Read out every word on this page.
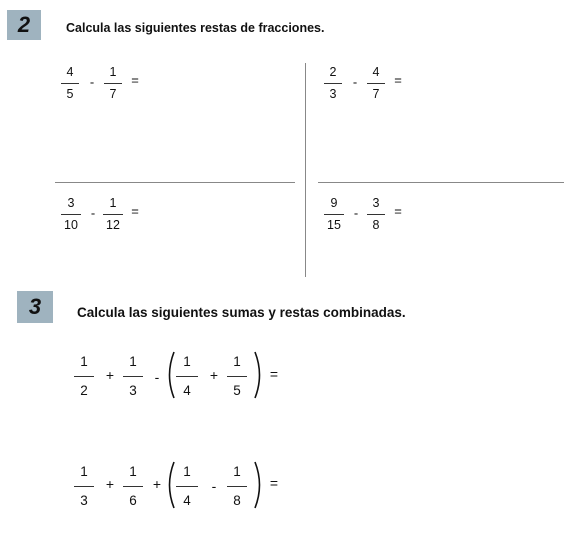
2	Calcula las siguientes restas de fracciones.
4
5
-
1
7
=
2
3
-
4
7
=
3
10
-
1
12
=
9
15
-
3
8
=
3	Calcula las siguientes sumas y restas combinadas.
1
2
+
1
3
-
1
4
+
1
5
=
1
3
+
1
6
+
1
4
-
1
8
=
